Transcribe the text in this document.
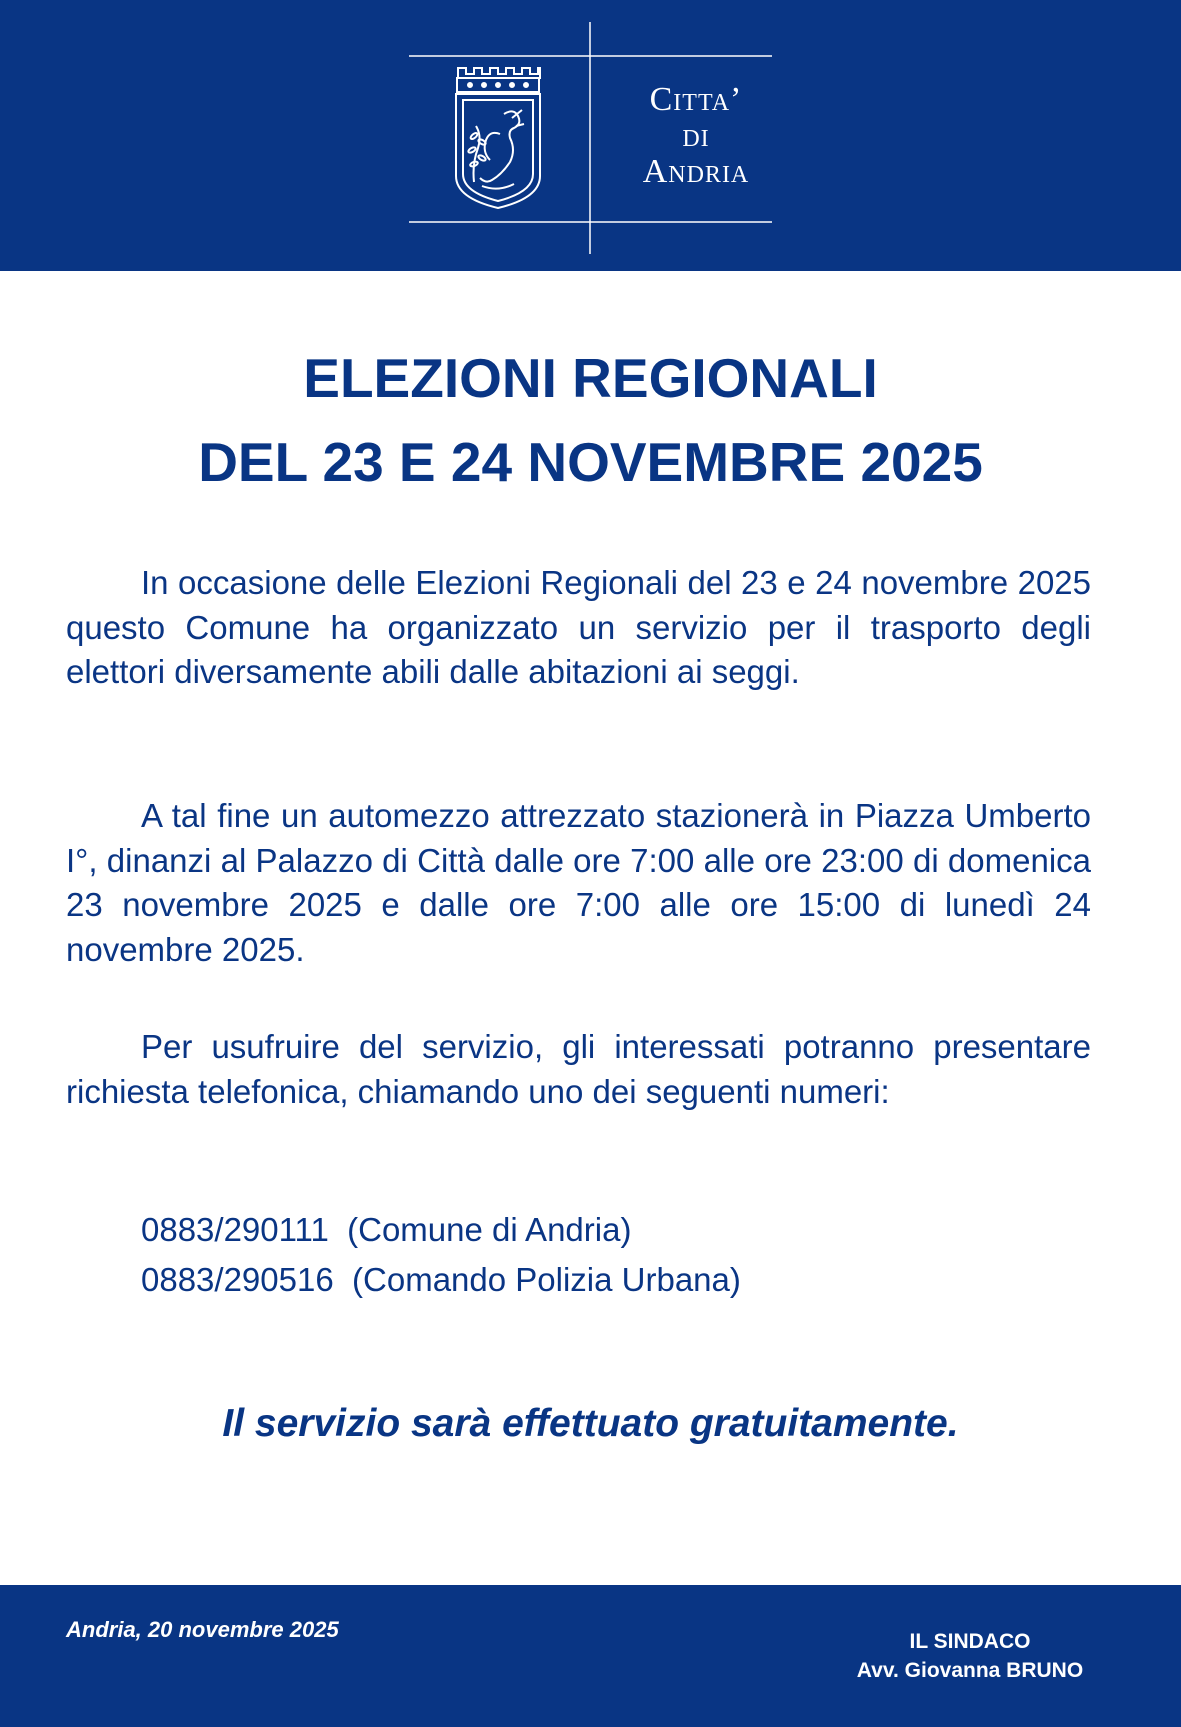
Citta’
di
Andria
ELEZIONI REGIONALI
DEL 23 E 24 NOVEMBRE 2025

In occasione delle Elezioni Regionali del 23 e 24 novembre 2025 questo Comune ha organizzato un servizio per il trasporto degli elettori diversamente abili dalle abitazioni ai seggi.

A tal fine un automezzo attrezzato stazionerà in Piazza Umberto I°, dinanzi al Palazzo di Città dalle ore 7:00 alle ore 23:00 di domenica 23 novembre 2025 e dalle ore 7:00 alle ore 15:00 di lunedì 24 novembre 2025.

Per usufruire del servizio, gli interessati potranno presentare richiesta telefonica, chiamando uno dei seguenti numeri:

0883/290111  (Comune di Andria)
0883/290516  (Comando Polizia Urbana)
Il servizio sarà effettuato gratuitamente.
Andria, 20 novembre 2025	IL SINDACO
Avv. Giovanna BRUNO
